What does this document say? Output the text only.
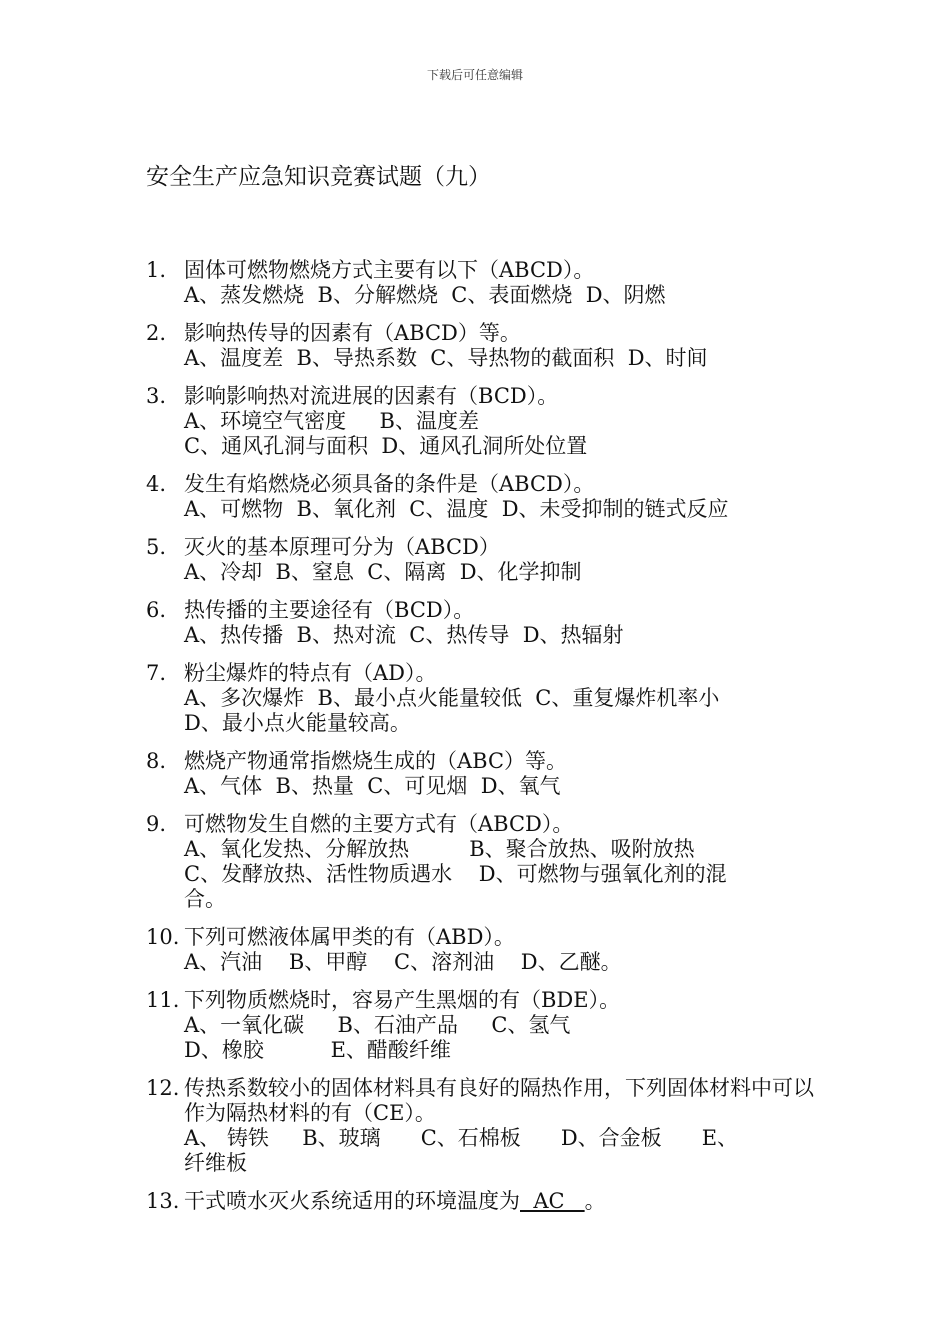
下载后可任意编辑
安全生产应急知识竞赛试题（九）
1. 固体可燃物燃烧方式主要有以下（ABCD）。
A、蒸发燃烧  B、分解燃烧  C、表面燃烧  D、阴燃
2. 影响热传导的因素有（ABCD）等。
A、温度差  B、导热系数  C、导热物的截面积  D、时间
3. 影响影响热对流进展的因素有（BCD）。
A、环境空气密度     B、温度差
C、通风孔洞与面积  D、通风孔洞所处位置
4. 发生有焰燃烧必须具备的条件是（ABCD）。
A、可燃物  B、氧化剂  C、温度  D、未受抑制的链式反应
5. 灭火的基本原理可分为（ABCD）
A、冷却  B、窒息  C、隔离  D、化学抑制
6. 热传播的主要途径有（BCD）。
A、热传播  B、热对流  C、热传导  D、热辐射
7. 粉尘爆炸的特点有（AD）。
A、多次爆炸  B、最小点火能量较低  C、重复爆炸机率小
D、最小点火能量较高。
8. 燃烧产物通常指燃烧生成的（ABC）等。
A、气体  B、热量  C、可见烟  D、氧气
9. 可燃物发生自燃的主要方式有（ABCD）。
A、氧化发热、分解放热         B、聚合放热、吸附放热
C、发酵放热、活性物质遇水    D、可燃物与强氧化剂的混
合。
10. 下列可燃液体属甲类的有（ABD）。
A、汽油    B、甲醇    C、溶剂油    D、乙醚。
11. 下列物质燃烧时，容易产生黑烟的有（BDE）。
A、一氧化碳     B、石油产品     C、氢气
D、橡胶          E、醋酸纤维
12. 传热系数较小的固体材料具有良好的隔热作用，下列固体材料中可以 作为隔热材料的有（CE）。
A、 铸铁     B、玻璃      C、石棉板      D、合金板      E、
纤维板
13. 干式喷水灭火系统适用的环境温度为  AC   。
